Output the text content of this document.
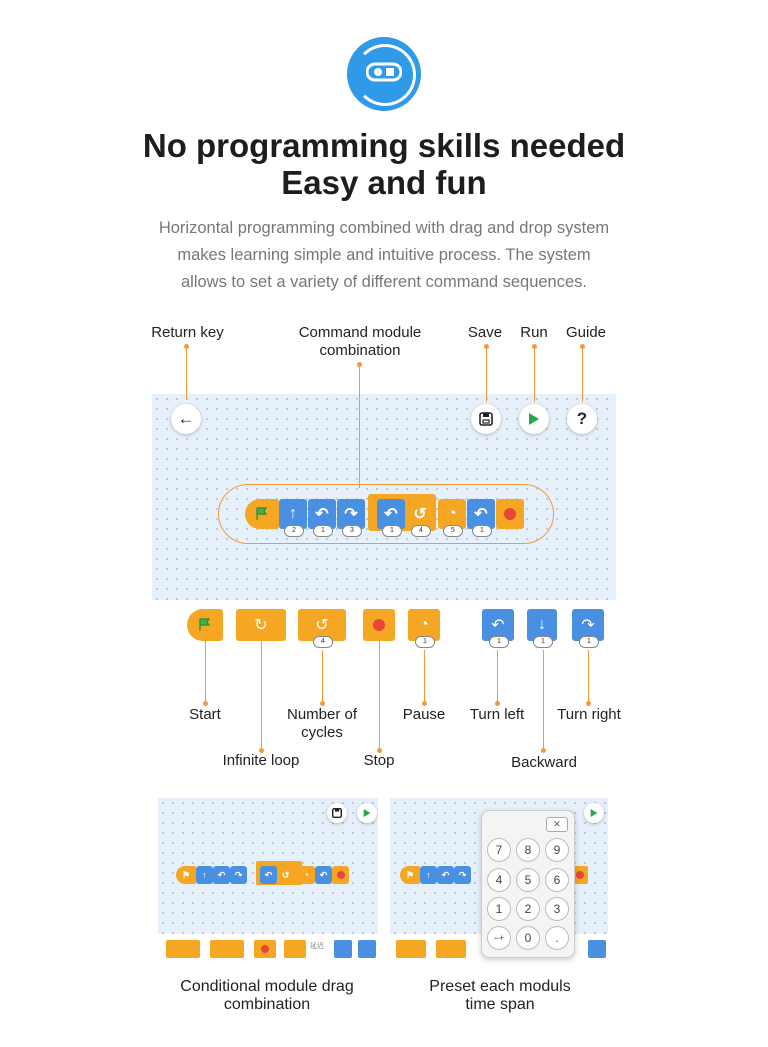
No programming skills needed
Easy and fun
Horizontal programming combined with drag and drop system
makes learning simple and intuitive process. The system
allows to set a variety of different command sequences.
Return key	Command module combination
Save	Run	Guide
←	?
↑
2
↶
1
↷
3
↶
1
↺
4
◔
5
↶
1
↻	↺
4
◔
1
↶
1
↓
1
↷
1
Start
Infinite loop
Number of cycles
Stop
Pause	Turn left
Backward
Turn right
⚑	↑	↶	↷	↶	↺	◔	↶
延迟
⚑	↑	↶	↷
✕
7	8	9
4	5	6
1	2	3
−+	0	.
Conditional module drag combination
Preset each moduls time span
